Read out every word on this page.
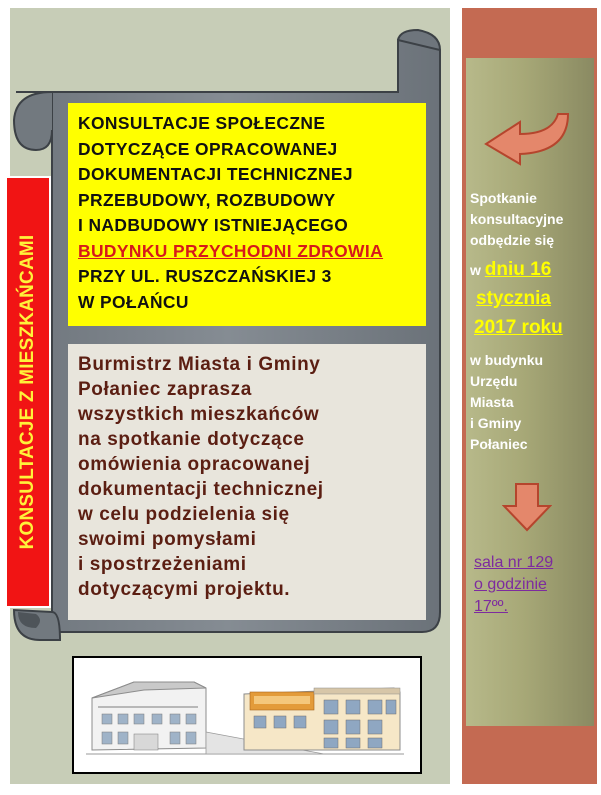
KONSULTACJE Z MIESZKAŃCAMI
KONSULTACJE SPOŁECZNE
DOTYCZĄCE OPRACOWANEJ
DOKUMENTACJI TECHNICZNEJ
PRZEBUDOWY, ROZBUDOWY
I NADBUDOWY ISTNIEJĄCEGO
BUDYNKU PRZYCHODNI ZDROWIA
PRZY UL. RUSZCZAŃSKIEJ 3
W POŁAŃCU
Burmistrz Miasta i Gminy
Połaniec zaprasza
wszystkich mieszkańców
na spotkanie dotyczące
omówienia opracowanej
dokumentacji technicznej
w celu podzielenia się
swoimi pomysłami
i spostrzeżeniami
dotyczącymi projektu.
Spotkanie
konsultacyjne
odbędzie się
w dniu 16
stycznia
2017 roku
w budynku
Urzędu
Miasta
i Gminy
Połaniec
sala nr 129
o godzinie
17ºº.
